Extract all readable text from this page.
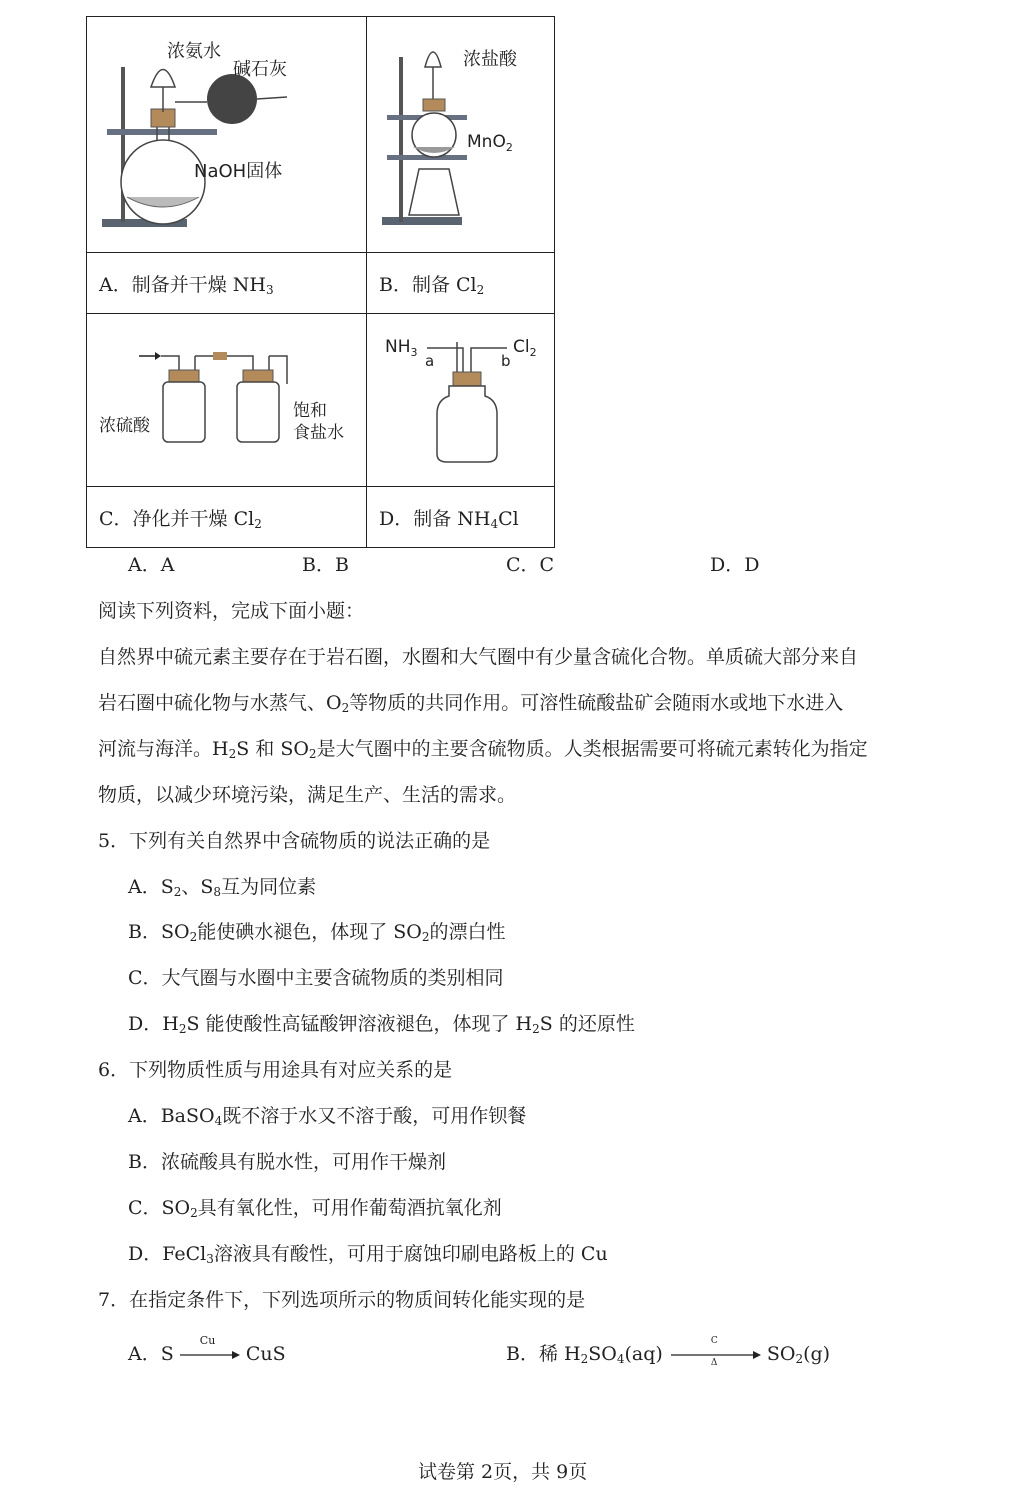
浓氨水
碱石灰
NaOH固体	浓盐酸
MnO$_2$

A．制备并干燥 $NH_3$	B．制备 $Cl_2$

浓硫酸
饱和
食盐水	$NH_3$ a b
$Cl_2$

C．净化并干燥 $Cl_2$	D．制备 $NH_4Cl$
A．A	B．B	C．C	D．D
阅读下列资料，完成下面小题：
自然界中硫元素主要存在于岩石圈，水圈和大气圈中有少量含硫化合物。单质硫大部分来自
岩石圈中硫化物与水蒸气、$O_2$等物质的共同作用。可溶性硫酸盐矿会随雨水或地下水进入
河流与海洋。$H_2S$ 和 $SO_2$是大气圈中的主要含硫物质。人类根据需要可将硫元素转化为指定
物质，以减少环境污染，满足生产、生活的需求。
5．下列有关自然界中含硫物质的说法正确的是
A．$S_2$、$S_8$互为同位素
B．$SO_2$能使碘水褪色，体现了 $SO_2$的漂白性
C．大气圈与水圈中主要含硫物质的类别相同
D．$H_2S$ 能使酸性高锰酸钾溶液褪色，体现了 $H_2S$ 的还原性
6．下列物质性质与用途具有对应关系的是
A．BaSO$_4$既不溶于水又不溶于酸，可用作钡餐
B．浓硫酸具有脱水性，可用作干燥剂
C．$SO_2$具有氧化性，可用作葡萄酒抗氧化剂
D．FeCl$_3$溶液具有酸性，可用于腐蚀印刷电路板上的 Cu
7．在指定条件下，下列选项所示的物质间转化能实现的是
A．S
Cu
CuS	B．稀 $H_2SO_4(aq)$
C
Δ	$SO_2(g)$
试卷第 2页，共 9页
